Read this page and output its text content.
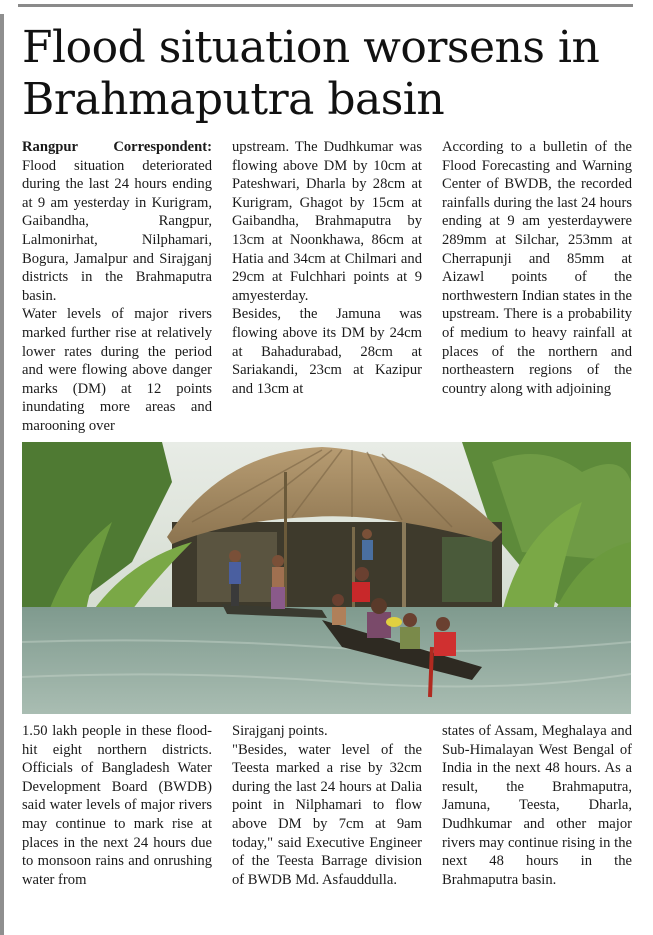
Flood situation worsens in Brahmaputra basin

Rangpur Correspondent: Flood situation deteriorated during the last 24 hours ending at 9 am yesterday in Kurigram, Gaibandha, Rangpur, Lalmonirhat, Nilphamari, Bogura, Jamalpur and Sirajganj districts in the Brahmaputra basin.

Water levels of major rivers marked further rise at relatively lower rates during the period and were flowing above danger marks (DM) at 12 points inundating more areas and marooning over

upstream. The Dudhkumar was flowing above DM by 10cm at Pateshwari, Dharla by 28cm at Kurigram, Ghagot by 15cm at Gaibandha, Brahmaputra by 13cm at Noonkhawa, 86cm at Hatia and 34cm at Chilmari and 29cm at Fulchhari points at 9 amyesterday.

Besides, the Jamuna was flowing above its DM by 24cm at Bahadurabad, 28cm at Sariakandi, 23cm at Kazipur and 13cm at

According to a bulletin of the Flood Forecasting and Warning Center of BWDB, the recorded rainfalls during the last 24 hours ending at 9 am yesterdaywere 289mm at Silchar, 253mm at Cherrapunji and 85mm at Aizawl points of the northwestern Indian states in the upstream. There is a probability of medium to heavy rainfall at places of the northern and northeastern regions of the country along with adjoining

1.50 lakh people in these flood-hit eight northern districts. Officials of Bangladesh Water Development Board (BWDB) said water levels of major rivers may continue to mark rise at places in the next 24 hours due to monsoon rains and onrushing water from

Sirajganj points.

"Besides, water level of the Teesta marked a rise by 32cm during the last 24 hours at Dalia point in Nilphamari to flow above DM by 7cm at 9am today," said Executive Engineer of the Teesta Barrage division of BWDB Md. Asfauddulla.

states of Assam, Meghalaya and Sub-Himalayan West Bengal of India in the next 48 hours. As a result, the Brahmaputra, Jamuna, Teesta, Dharla, Dudhkumar and other major rivers may continue rising in the next 48 hours in the Brahmaputra basin.
